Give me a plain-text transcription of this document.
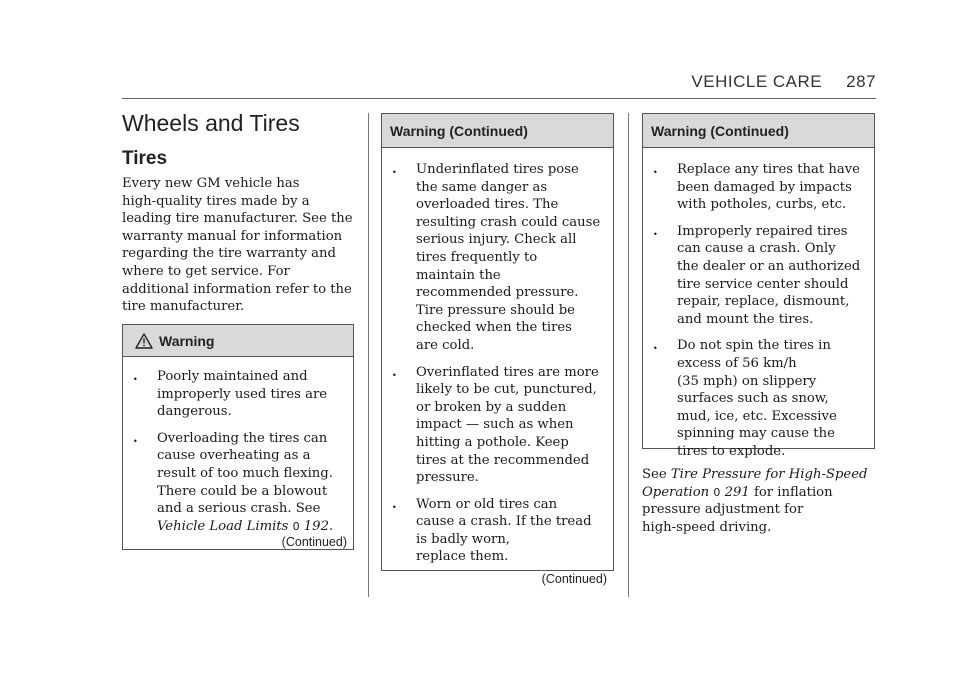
VEHICLE CARE 287
Wheels and Tires
Tires

Every new GM vehicle has

high-quality tires made by a

leading tire manufacturer. See the

warranty manual for information

regarding the tire warranty and

where to get service. For

additional information refer to the

tire manufacturer.

Warning
. Poorly maintained and
improperly used tires are
dangerous.
. Overloading the tires can
cause overheating as a
result of too much flexing.
There could be a blowout
and a serious crash. See
Vehicle Load Limits 0 192.
(Continued)
Warning (Continued)
. Underinflated tires pose
the same danger as
overloaded tires. The
resulting crash could cause
serious injury. Check all
tires frequently to
maintain the
recommended pressure.
Tire pressure should be
checked when the tires
are cold.
. Overinflated tires are more
likely to be cut, punctured,
or broken by a sudden
impact — such as when
hitting a pothole. Keep
tires at the recommended
pressure.
. Worn or old tires can
cause a crash. If the tread
is badly worn,
replace them.
(Continued)
Warning (Continued)
. Replace any tires that have
been damaged by impacts
with potholes, curbs, etc.
. Improperly repaired tires
can cause a crash. Only
the dealer or an authorized
tire service center should
repair, replace, dismount,
and mount the tires.
. Do not spin the tires in
excess of 56 km/h
(35 mph) on slippery
surfaces such as snow,
mud, ice, etc. Excessive
spinning may cause the
tires to explode.

See Tire Pressure for High-Speed

Operation 0 291 for inflation

pressure adjustment for

high-speed driving.
